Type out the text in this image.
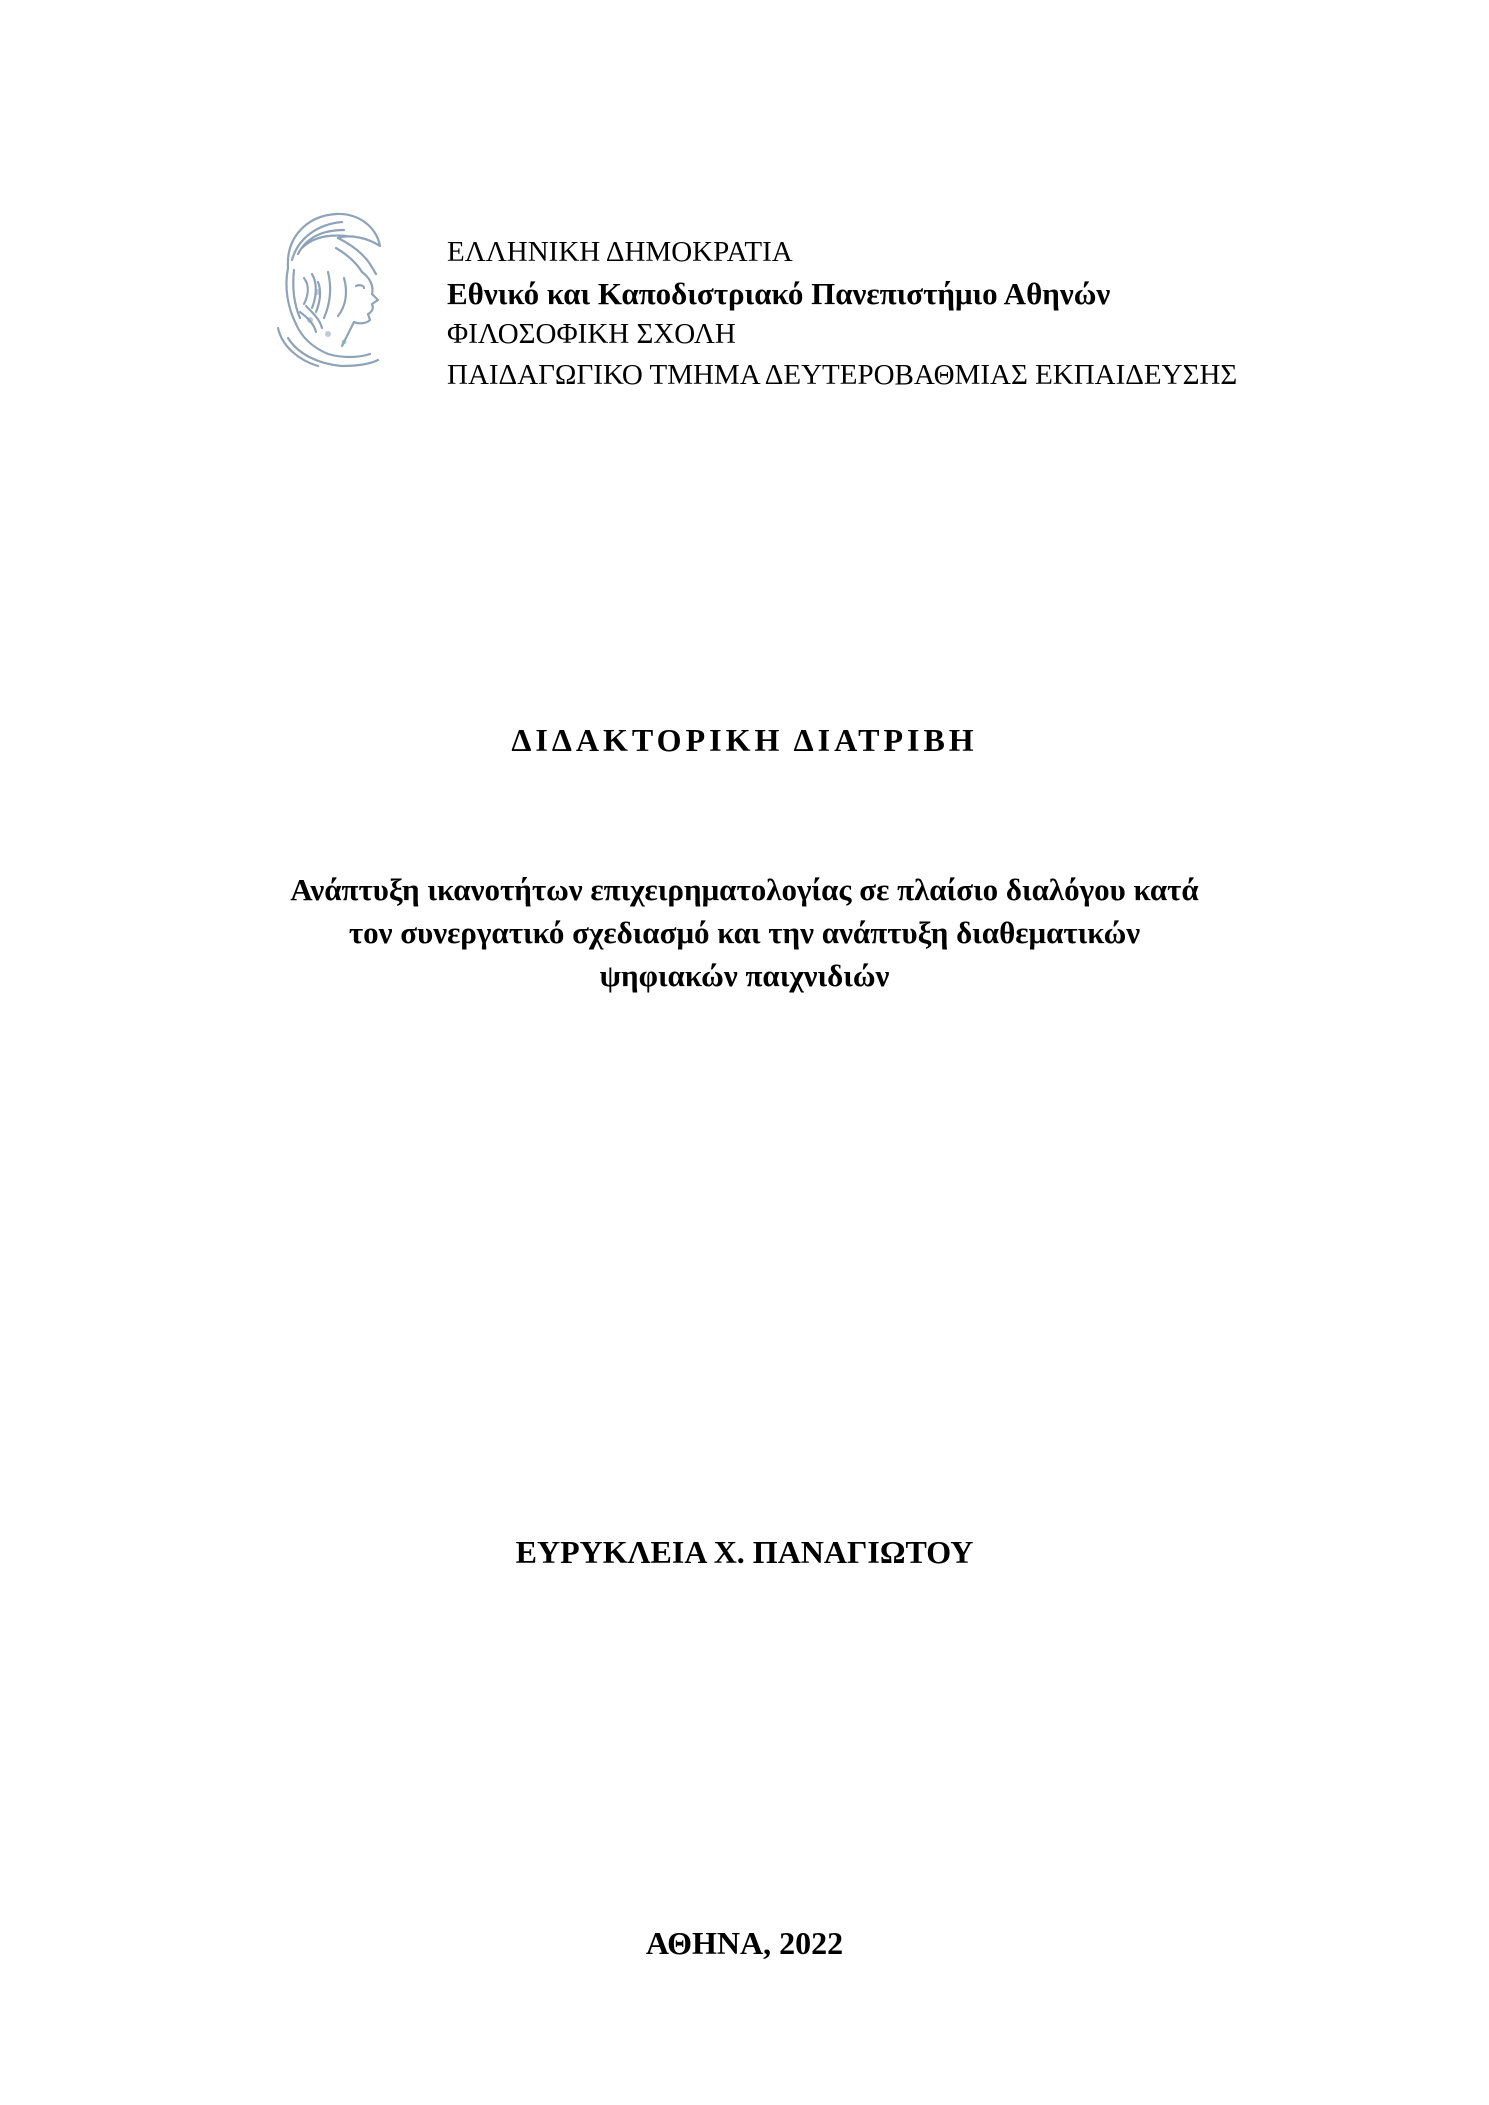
ΕΛΛΗΝΙΚΗ ΔΗΜΟΚΡΑΤΙΑ
Εθνικό και Καποδιστριακό Πανεπιστήμιο Αθηνών
ΦΙΛΟΣΟΦΙΚΗ ΣΧΟΛΗ
ΠΑΙΔΑΓΩΓΙΚΟ ΤΜΗΜΑ ΔΕΥΤΕΡΟΒΑΘΜΙΑΣ ΕΚΠΑΙΔΕΥΣΗΣ
ΔΙΔΑΚΤΟΡΙΚΗ ΔΙΑΤΡΙΒΗ
Ανάπτυξη ικανοτήτων επιχειρηματολογίας σε πλαίσιο διαλόγου κατά
τον συνεργατικό σχεδιασμό και την ανάπτυξη διαθεματικών
ψηφιακών παιχνιδιών
ΕΥΡΥΚΛΕΙΑ Χ. ΠΑΝΑΓΙΩΤΟΥ
ΑΘΗΝΑ, 2022
